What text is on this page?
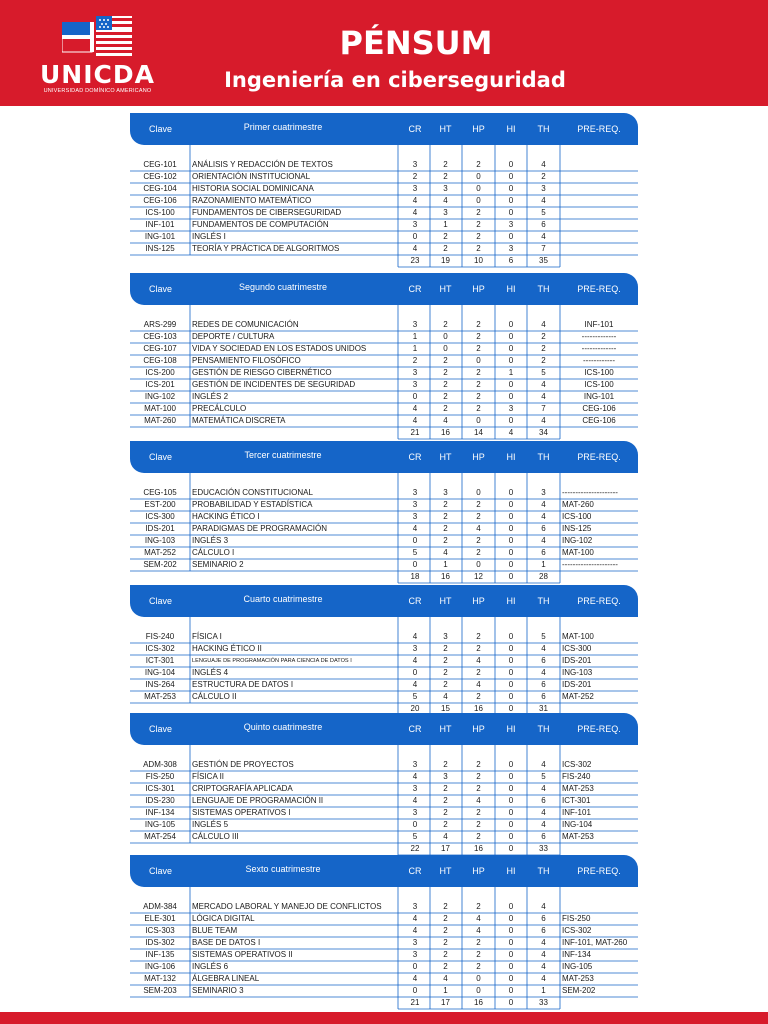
UNICDA
UNIVERSIDAD DOMÍNICO AMERICANO
PÉNSUM
Ingeniería en ciberseguridad
Clave	Primer cuatrimestre	CR	HT	HP	HI	TH	PRE-REQ.
CEG-101	ANÁLISIS Y REDACCIÓN DE TEXTOS	3	2	2	0	4
CEG-102	ORIENTACIÓN INSTITUCIONAL	2	2	0	0	2
CEG-104	HISTORIA SOCIAL DOMINICANA	3	3	0	0	3
CEG-106	RAZONAMIENTO MATEMÁTICO	4	4	0	0	4
ICS-100	FUNDAMENTOS DE CIBERSEGURIDAD	4	3	2	0	5
INF-101	FUNDAMENTOS DE COMPUTACIÓN	3	1	2	3	6
ING-101	INGLÉS I	0	2	2	0	4
INS-125	TEORÍA Y PRÁCTICA DE ALGORITMOS	4	2	2	3	7
23	19	10	6	35
Clave	Segundo cuatrimestre	CR	HT	HP	HI	TH	PRE-REQ.
ARS-299	REDES DE COMUNICACIÓN	3	2	2	0	4	INF-101
CEG-103	DEPORTE / CULTURA	1	0	2	0	2	-------------
CEG-107	VIDA Y SOCIEDAD EN LOS ESTADOS UNIDOS	1	0	2	0	2	-------------
CEG-108	PENSAMIENTO FILOSÓFICO	2	2	0	0	2	------------
ICS-200	GESTIÓN DE RIESGO CIBERNÉTICO	3	2	2	1	5	ICS-100
ICS-201	GESTIÓN DE INCIDENTES DE SEGURIDAD	3	2	2	0	4	ICS-100
ING-102	INGLÉS 2	0	2	2	0	4	ING-101
MAT-100	PRECÁLCULO	4	2	2	3	7	CEG-106
MAT-260	MATEMÁTICA DISCRETA	4	4	0	0	4	CEG-106
21	16	14	4	34
Clave	Tercer cuatrimestre	CR	HT	HP	HI	TH	PRE-REQ.
CEG-105	EDUCACIÓN CONSTITUCIONAL	3	3	0	0	3	---------------------
EST-200	PROBABILIDAD Y ESTADÍSTICA	3	2	2	0	4	MAT-260
ICS-300	HACKING ÉTICO I	3	2	2	0	4	ICS-100
IDS-201	PARADIGMAS DE PROGRAMACIÓN	4	2	4	0	6	INS-125
ING-103	INGLÉS 3	0	2	2	0	4	ING-102
MAT-252	CÁLCULO I	5	4	2	0	6	MAT-100
SEM-202	SEMINARIO 2	0	1	0	0	1	---------------------
18	16	12	0	28
Clave	Cuarto cuatrimestre	CR	HT	HP	HI	TH	PRE-REQ.
FIS-240	FÍSICA I	4	3	2	0	5	MAT-100
ICS-302	HACKING ÉTICO II	3	2	2	0	4	ICS-300
ICT-301	LENGUAJE DE PROGRAMACIÓN PARA CIENCIA DE DATOS I	4	2	4	0	6	IDS-201
ING-104	INGLÉS 4	0	2	2	0	4	ING-103
INS-264	ESTRUCTURA DE DATOS I	4	2	4	0	6	IDS-201
MAT-253	CÁLCULO II	5	4	2	0	6	MAT-252
20	15	16	0	31
Clave	Quinto cuatrimestre	CR	HT	HP	HI	TH	PRE-REQ.
ADM-308	GESTIÓN DE PROYECTOS	3	2	2	0	4	ICS-302
FIS-250	FÍSICA II	4	3	2	0	5	FIS-240
ICS-301	CRIPTOGRAFÍA APLICADA	3	2	2	0	4	MAT-253
IDS-230	LENGUAJE DE PROGRAMACIÓN II	4	2	4	0	6	ICT-301
INF-134	SISTEMAS OPERATIVOS I	3	2	2	0	4	INF-101
ING-105	INGLÉS 5	0	2	2	0	4	ING-104
MAT-254	CÁLCULO III	5	4	2	0	6	MAT-253
22	17	16	0	33
Clave	Sexto cuatrimestre	CR	HT	HP	HI	TH	PRE-REQ.
ADM-384	MERCADO LABORAL Y MANEJO DE CONFLICTOS	3	2	2	0	4
ELE-301	LÓGICA DIGITAL	4	2	4	0	6	FIS-250
ICS-303	BLUE TEAM	4	2	4	0	6	ICS-302
IDS-302	BASE DE DATOS I	3	2	2	0	4	INF-101, MAT-260
INF-135	SISTEMAS OPERATIVOS II	3	2	2	0	4	INF-134
ING-106	INGLÉS 6	0	2	2	0	4	ING-105
MAT-132	ÁLGEBRA LINEAL	4	4	0	0	4	MAT-253
SEM-203	SEMINARIO 3	0	1	0	0	1	SEM-202
21	17	16	0	33
